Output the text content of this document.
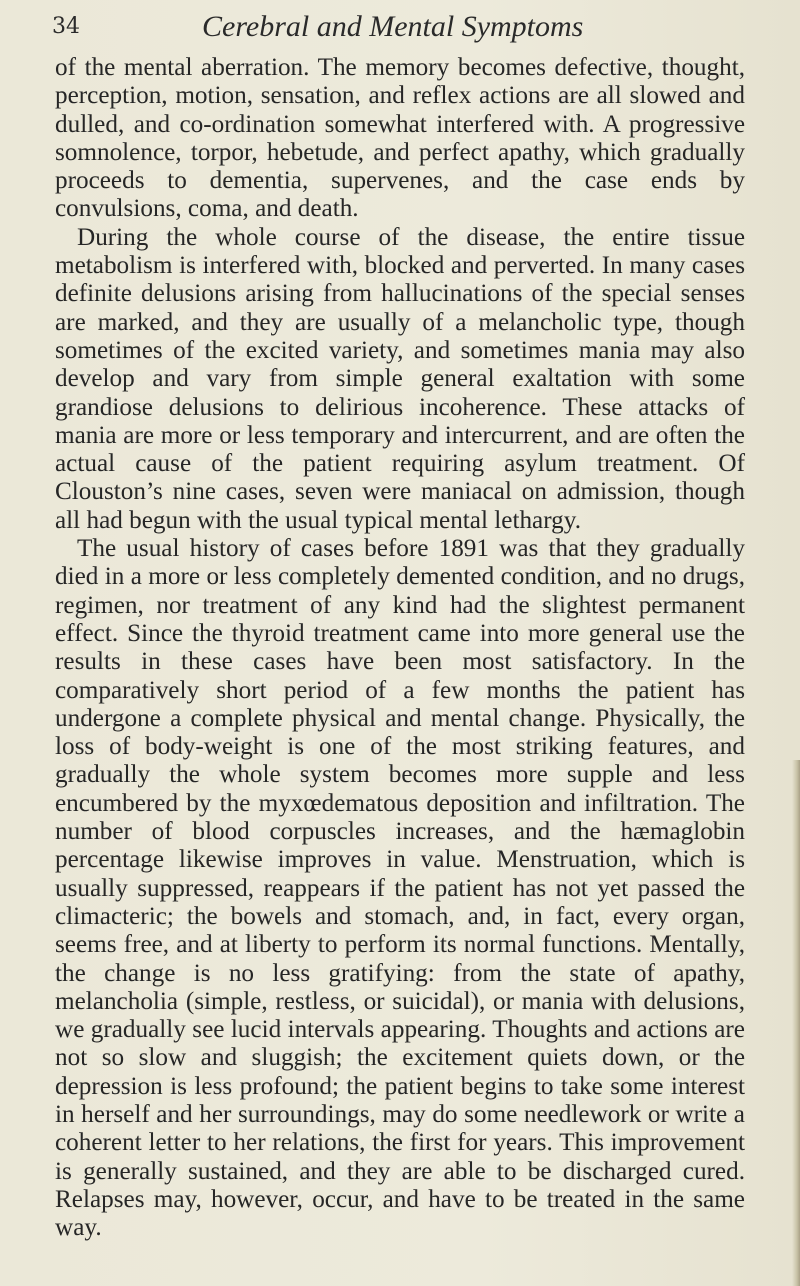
34	Cerebral and Mental Symptoms

of the mental aberration. The memory becomes defective, thought, perception, motion, sensation, and reflex actions are all slowed and dulled, and co-ordination somewhat interfered with. A progressive somnolence, torpor, hebetude, and perfect apathy, which gradually proceeds to dementia, supervenes, and the case ends by convulsions, coma, and death.

During the whole course of the disease, the entire tissue metabolism is interfered with, blocked and perverted. In many cases definite delusions arising from hallucinations of the special senses are marked, and they are usually of a melancholic type, though sometimes of the excited variety, and sometimes mania may also develop and vary from simple general exaltation with some grandiose delusions to delirious incoherence. These attacks of mania are more or less temporary and intercurrent, and are often the actual cause of the patient requiring asylum treatment. Of Clouston’s nine cases, seven were maniacal on admission, though all had begun with the usual typical mental lethargy.

The usual history of cases before 1891 was that they gradually died in a more or less completely demented condition, and no drugs, regimen, nor treatment of any kind had the slightest permanent effect. Since the thyroid treatment came into more general use the results in these cases have been most satisfactory. In the comparatively short period of a few months the patient has undergone a complete physical and mental change. Physically, the loss of body-weight is one of the most striking features, and gradually the whole system becomes more supple and less encumbered by the myxœdematous deposition and infiltration. The number of blood corpuscles increases, and the hæmaglobin percentage likewise improves in value. Menstruation, which is usually suppressed, reappears if the patient has not yet passed the climacteric; the bowels and stomach, and, in fact, every organ, seems free, and at liberty to perform its normal functions. Mentally, the change is no less gratifying: from the state of apathy, melancholia (simple, restless, or suicidal), or mania with delusions, we gradually see lucid intervals appearing. Thoughts and actions are not so slow and sluggish; the excitement quiets down, or the depression is less profound; the patient begins to take some interest in herself and her surroundings, may do some needlework or write a coherent letter to her relations, the first for years. This improvement is generally sustained, and they are able to be discharged cured. Relapses may, however, occur, and have to be treated in the same way.
